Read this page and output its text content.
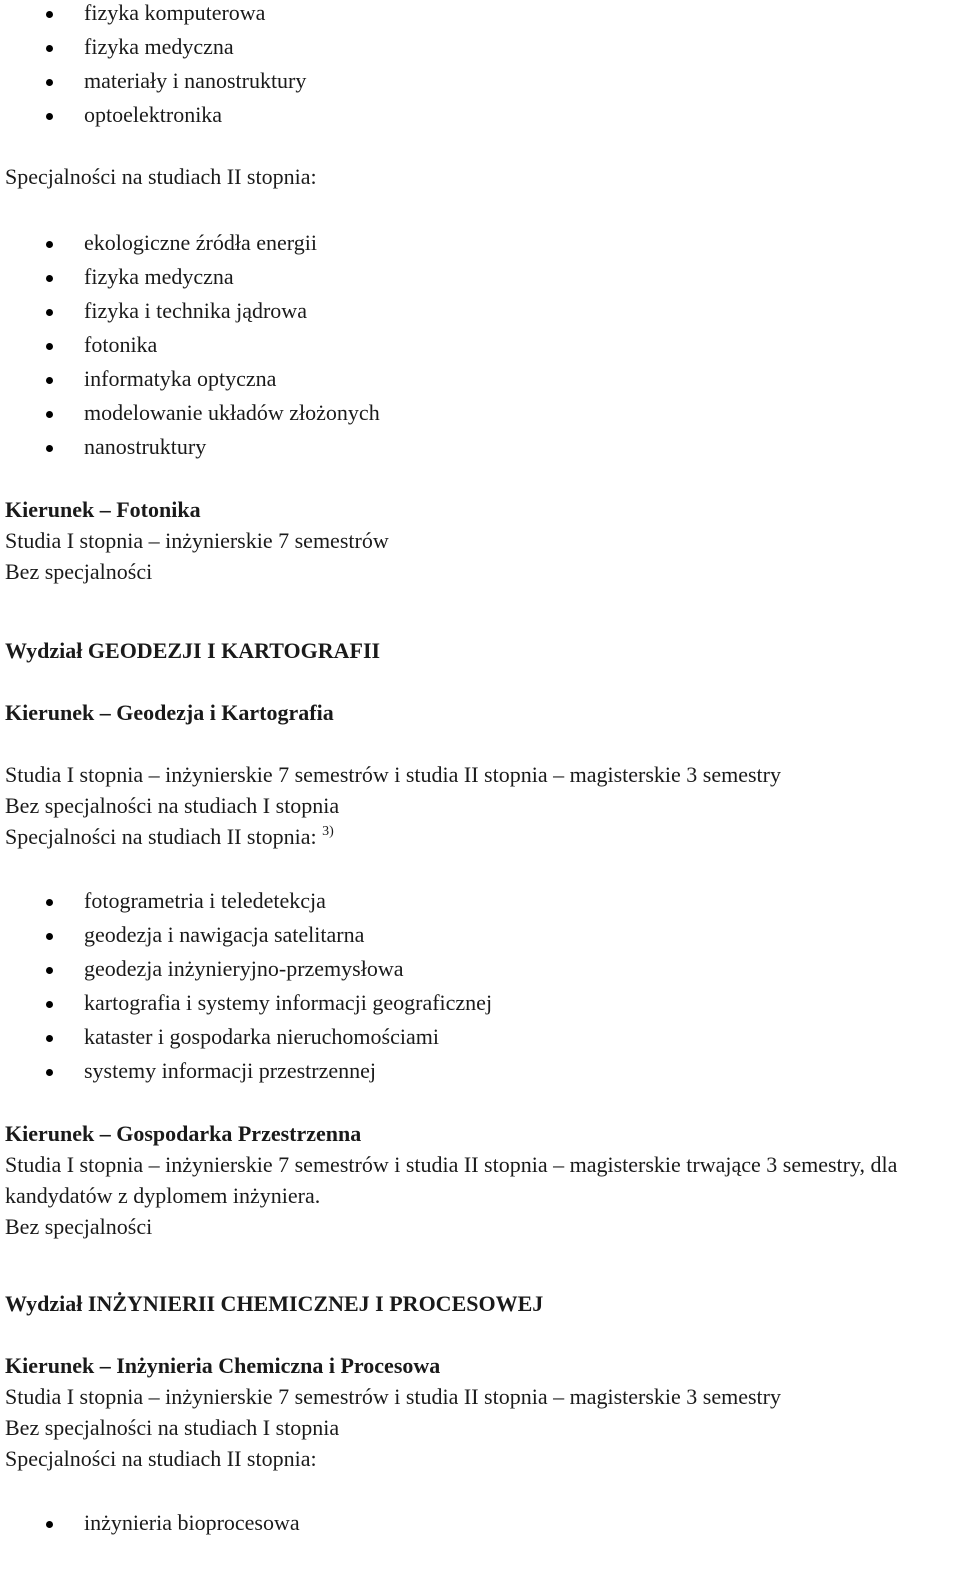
fizyka komputerowa
fizyka medyczna
materiały i nanostruktury
optoelektronika
Specjalności na studiach II stopnia:
ekologiczne źródła energii
fizyka medyczna
fizyka i technika jądrowa
fotonika
informatyka optyczna
modelowanie układów złożonych
nanostruktury
Kierunek – Fotonika
Studia I stopnia – inżynierskie 7 semestrów
Bez specjalności
Wydział GEODEZJI I KARTOGRAFII
Kierunek – Geodezja i Kartografia
Studia I stopnia – inżynierskie 7 semestrów i studia II stopnia – magisterskie 3 semestry
Bez specjalności na studiach I stopnia
Specjalności na studiach II stopnia: $^{3)}$
fotogrametria i teledetekcja
geodezja i nawigacja satelitarna
geodezja inżynieryjno-przemysłowa
kartografia i systemy informacji geograficznej
kataster i gospodarka nieruchomościami
systemy informacji przestrzennej
Kierunek – Gospodarka Przestrzenna
Studia I stopnia – inżynierskie 7 semestrów i studia II stopnia – magisterskie trwające 3 semestry, dla kandydatów z dyplomem inżyniera.
Bez specjalności
Wydział INŻYNIERII CHEMICZNEJ I PROCESOWEJ
Kierunek – Inżynieria Chemiczna i Procesowa
Studia I stopnia – inżynierskie 7 semestrów i studia II stopnia – magisterskie 3 semestry
Bez specjalności na studiach I stopnia
Specjalności na studiach II stopnia:
inżynieria bioprocesowa
